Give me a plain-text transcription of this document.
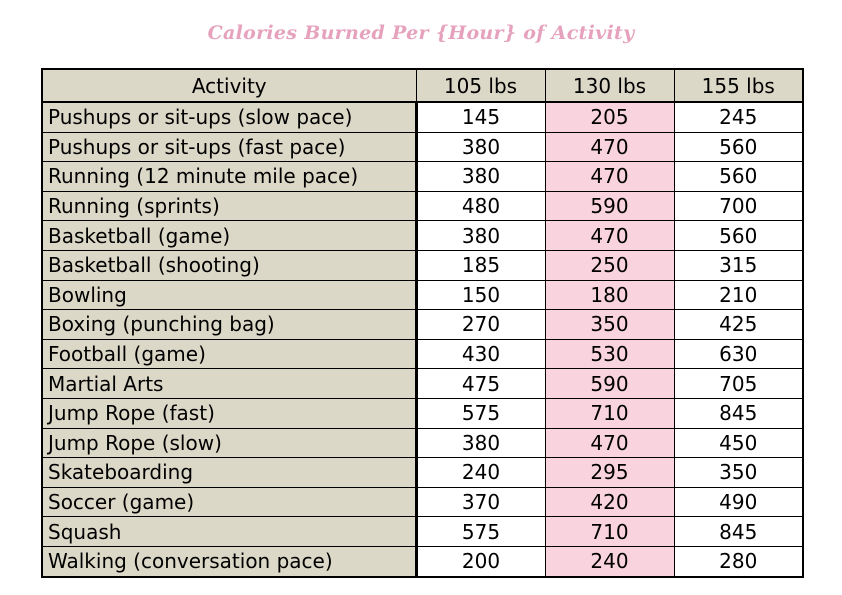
Calories Burned Per {Hour} of Activity
Activity	105 lbs	130 lbs	155 lbs
Pushups or sit-ups (slow pace)	145	205	245
Pushups or sit-ups (fast pace)	380	470	560
Running (12 minute mile pace)	380	470	560
Running (sprints)	480	590	700
Basketball (game)	380	470	560
Basketball (shooting)	185	250	315
Bowling	150	180	210
Boxing (punching bag)	270	350	425
Football (game)	430	530	630
Martial Arts	475	590	705
Jump Rope (fast)	575	710	845
Jump Rope (slow)	380	470	450
Skateboarding	240	295	350
Soccer (game)	370	420	490
Squash	575	710	845
Walking (conversation pace)	200	240	280
